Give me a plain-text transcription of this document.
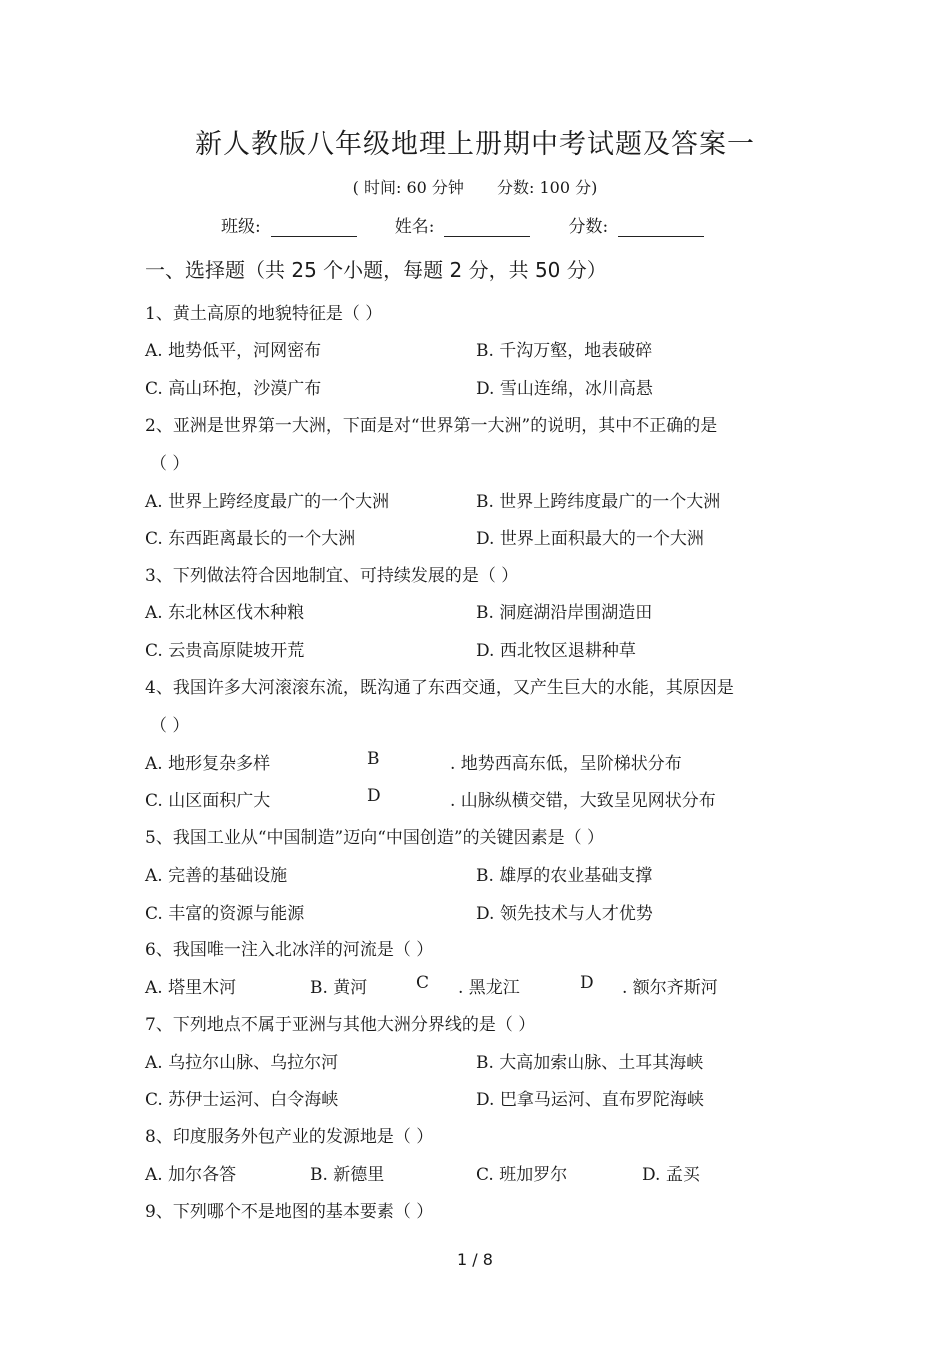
新人教版八年级地理上册期中考试题及答案一
( 时间: 60 分钟 分数: 100 分)
班级:	姓名:	分数:
一、选择题（共 25 个小题，每题 2 分，共 50 分）
1、黄土高原的地貌特征是（ ）
A. 地势低平，河网密布	B. 千沟万壑，地表破碎
C. 高山环抱，沙漠广布	D. 雪山连绵，冰川高悬
2、亚洲是世界第一大洲，下面是对“世界第一大洲”的说明，其中不正确的是
（ ）
A. 世界上跨经度最广的一个大洲	B. 世界上跨纬度最广的一个大洲
C. 东西距离最长的一个大洲	D. 世界上面积最大的一个大洲
3、下列做法符合因地制宜、可持续发展的是（ ）
A. 东北林区伐木种粮	B. 洞庭湖沿岸围湖造田
C. 云贵高原陡坡开荒	D. 西北牧区退耕种草
4、我国许多大河滚滚东流，既沟通了东西交通，又产生巨大的水能，其原因是
（ ）
A. 地形复杂多样	B	. 地势西高东低，呈阶梯状分布
C. 山区面积广大	D	. 山脉纵横交错，大致呈见网状分布
5、我国工业从“中国制造”迈向“中国创造”的关键因素是（ ）
A. 完善的基础设施	B. 雄厚的农业基础支撑
C. 丰富的资源与能源	D. 领先技术与人才优势
6、我国唯一注入北冰洋的河流是（ ）
A. 塔里木河	B. 黄河	C . 黑龙江	D . 额尔齐斯河
7、下列地点不属于亚洲与其他大洲分界线的是（ ）
A. 乌拉尔山脉、乌拉尔河	B. 大高加索山脉、土耳其海峡
C. 苏伊士运河、白令海峡	D. 巴拿马运河、直布罗陀海峡
8、印度服务外包产业的发源地是（ ）
A. 加尔各答	B. 新德里	C. 班加罗尔	D. 孟买
9、下列哪个不是地图的基本要素（ ）
1 / 8
